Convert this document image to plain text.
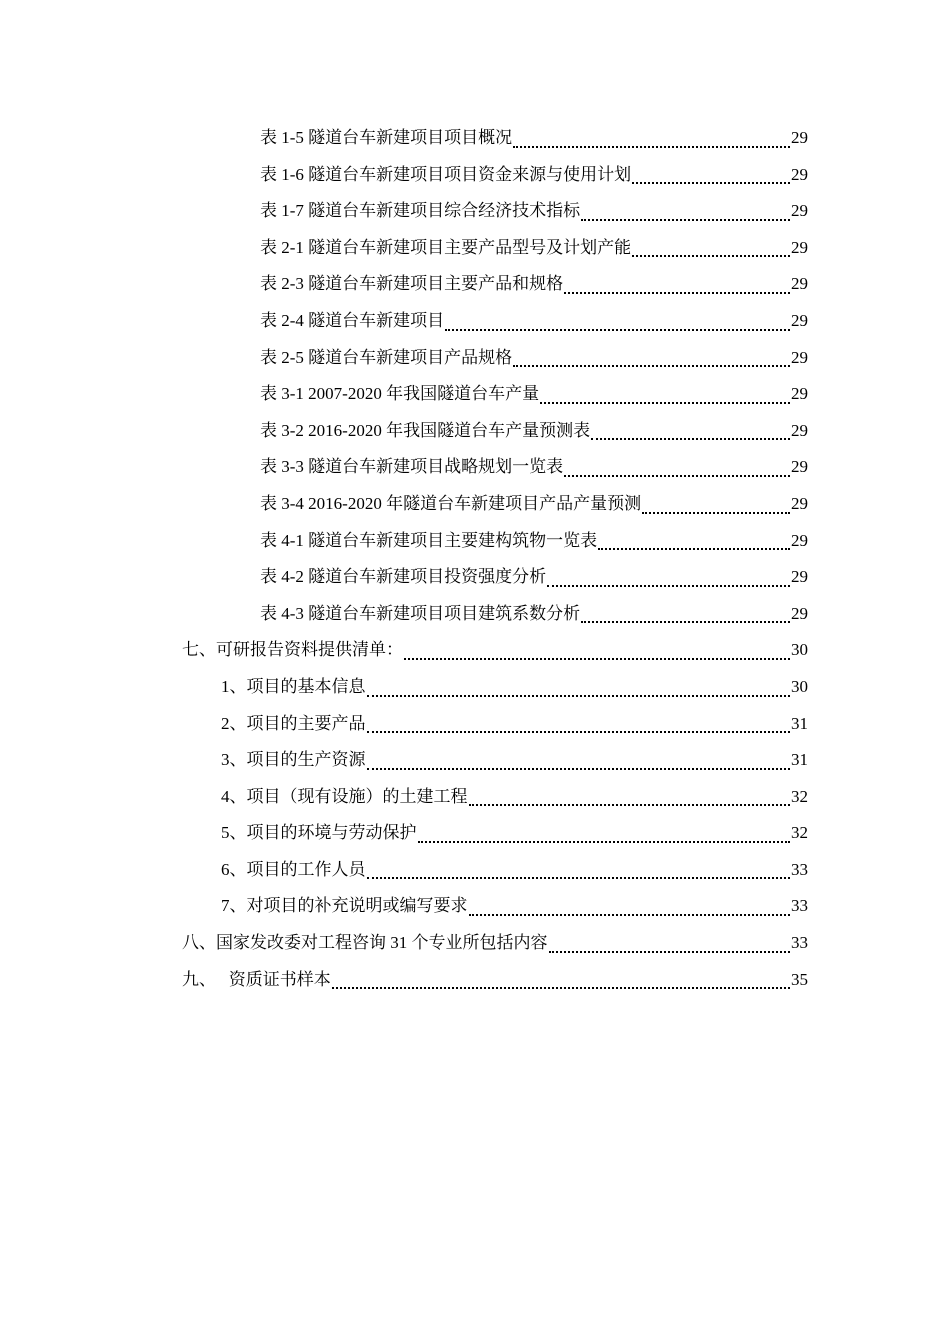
表 1-5 隧道台车新建项目项目概况	29
表 1-6 隧道台车新建项目项目资金来源与使用计划	29
表 1-7 隧道台车新建项目综合经济技术指标	29
表 2-1 隧道台车新建项目主要产品型号及计划产能	29
表 2-3 隧道台车新建项目主要产品和规格	29
表 2-4 隧道台车新建项目	29
表 2-5 隧道台车新建项目产品规格	29
表 3-1 2007-2020 年我国隧道台车产量	29
表 3-2 2016-2020 年我国隧道台车产量预测表	29
表 3-3 隧道台车新建项目战略规划一览表	29
表 3-4 2016-2020 年隧道台车新建项目产品产量预测	29
表 4-1 隧道台车新建项目主要建构筑物一览表	29
表 4-2 隧道台车新建项目投资强度分析	29
表 4-3 隧道台车新建项目项目建筑系数分析	29
七、可研报告资料提供清单：	30
1、项目的基本信息	30
2、项目的主要产品	31
3、项目的生产资源	31
4、项目（现有设施）的土建工程	32
5、项目的环境与劳动保护	32
6、项目的工作人员	33
7、对项目的补充说明或编写要求	33
八、国家发改委对工程咨询 31 个专业所包括内容	33
九、   资质证书样本	35
